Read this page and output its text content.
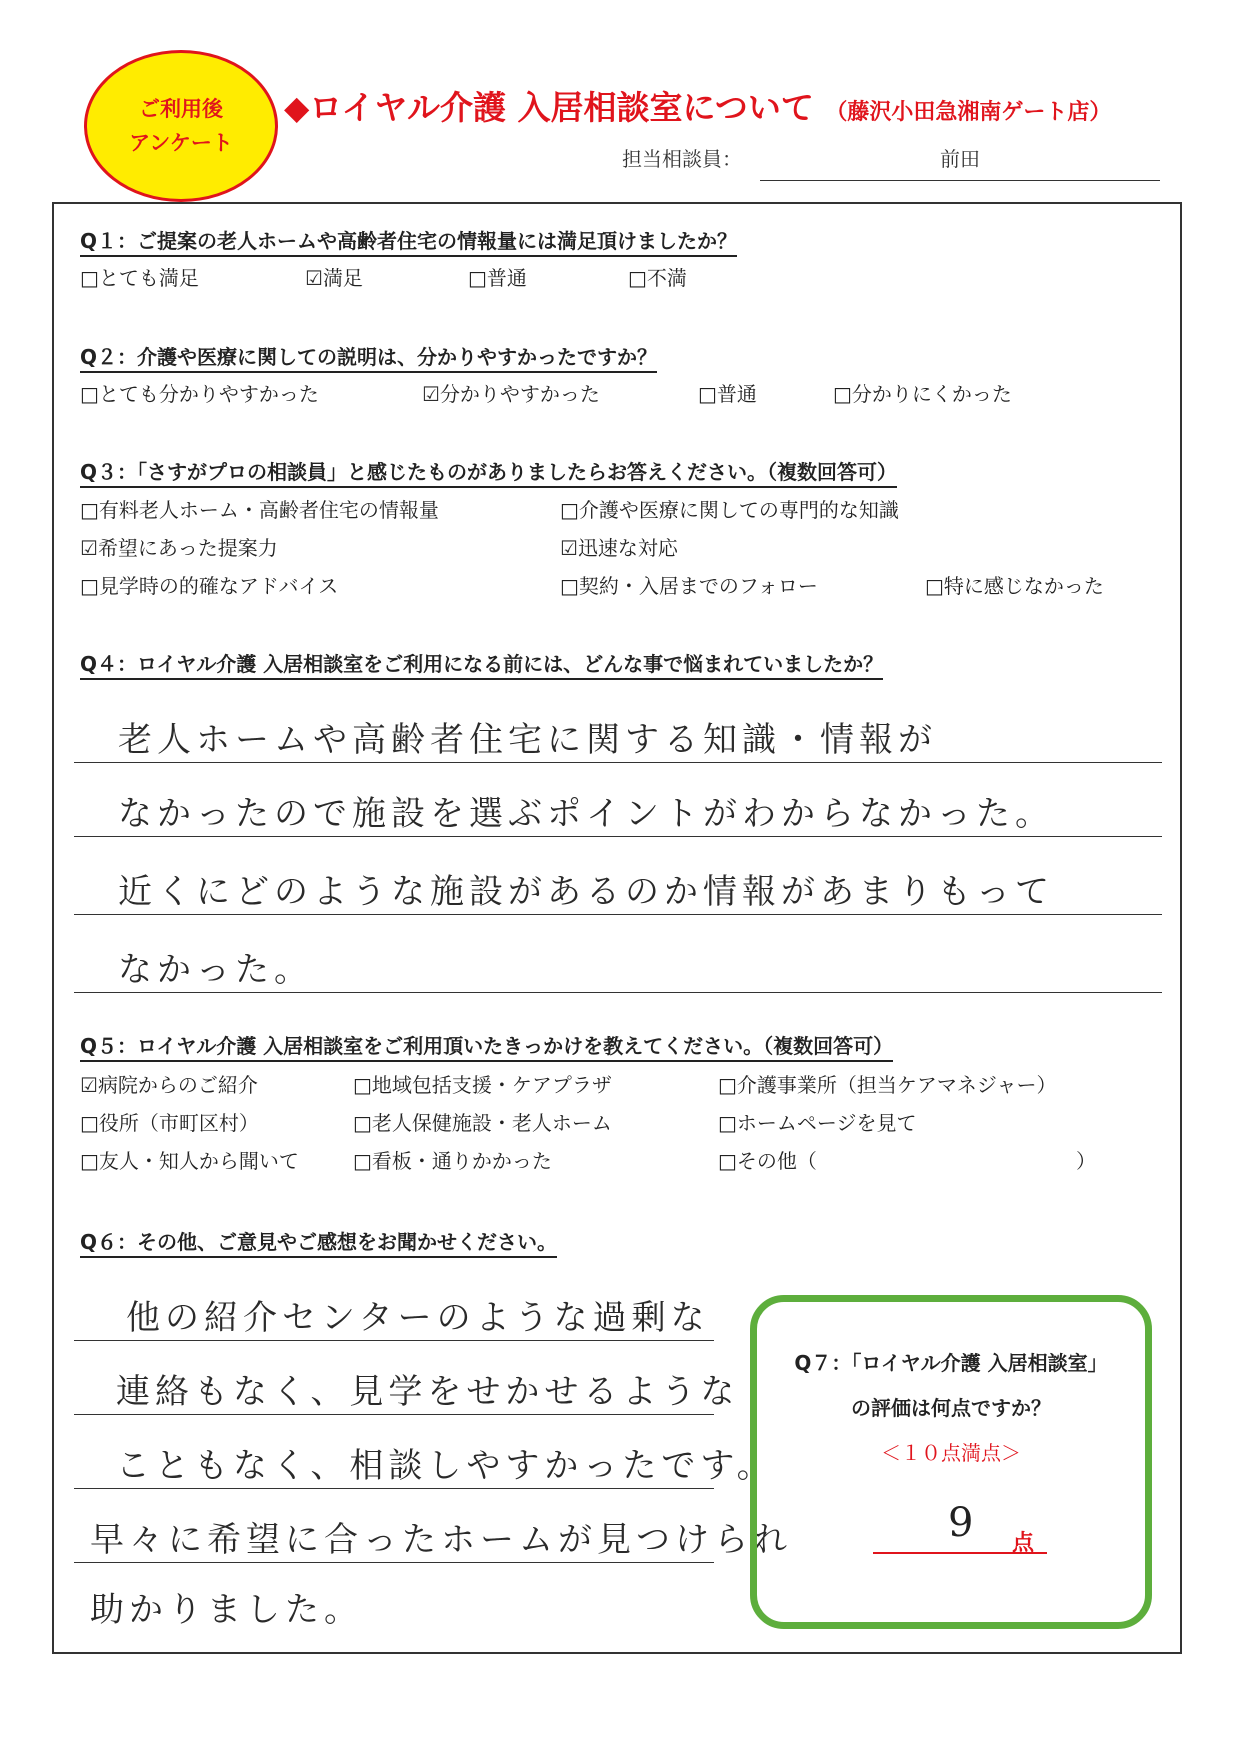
ご利用後
アンケート
◆ロイヤル介護 入居相談室について （藤沢小田急湘南ゲート店）
担当相談員：	前田
Q１：ご提案の老人ホームや高齢者住宅の情報量には満足頂けましたか？
□とても満足	☑満足	□普通	□不満
Q２：介護や医療に関しての説明は、分かりやすかったですか？
□とても分かりやすかった	☑分かりやすかった	□普通	□分かりにくかった
Q３：「さすがプロの相談員」と感じたものがありましたらお答えください。（複数回答可）
□有料老人ホーム・高齢者住宅の情報量	□介護や医療に関しての専門的な知識
☑希望にあった提案力	☑迅速な対応
□見学時の的確なアドバイス	□契約・入居までのフォロー	□特に感じなかった
Q４：ロイヤル介護 入居相談室をご利用になる前には、どんな事で悩まれていましたか？
老人ホームや高齢者住宅に関する知識・情報が
なかったので施設を選ぶポイントがわからなかった。
近くにどのような施設があるのか情報があまりもって
なかった。
Q５：ロイヤル介護 入居相談室をご利用頂いたきっかけを教えてください。（複数回答可）
☑病院からのご紹介	□地域包括支援・ケアプラザ	□介護事業所（担当ケアマネジャー）
□役所（市町区村）	□老人保健施設・老人ホーム	□ホームページを見て
□友人・知人から聞いて	□看板・通りかかった	□その他（	）
Q６：その他、ご意見やご感想をお聞かせください。
他の紹介センターのような過剰な
連絡もなく、見学をせかせるような
こともなく、相談しやすかったです。
早々に希望に合ったホームが見つけられ
助かりました。
Q７：「ロイヤル介護 入居相談室」
の評価は何点ですか？
＜１０点満点＞
9 点
